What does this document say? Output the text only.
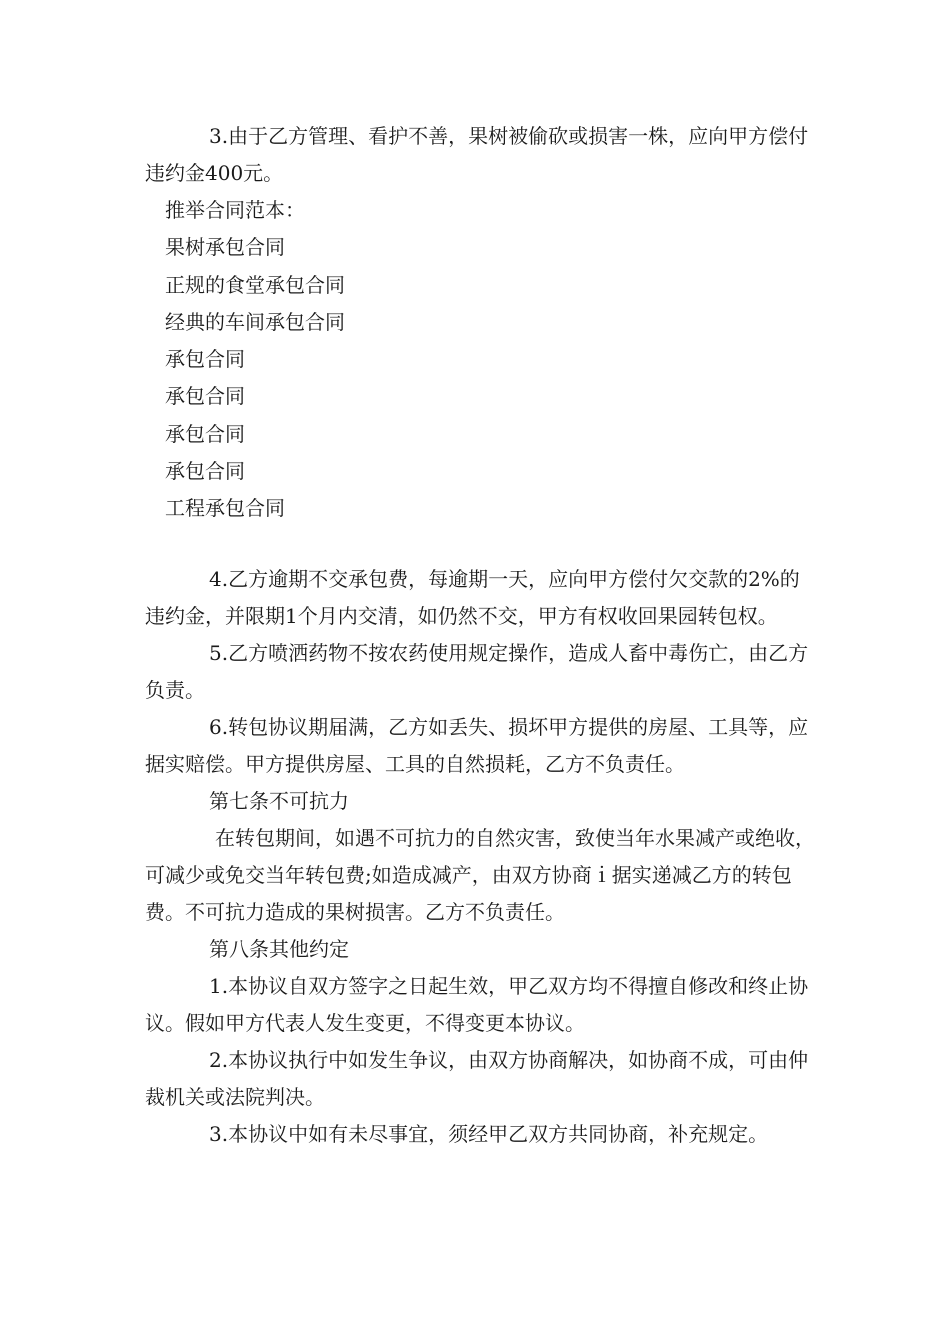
3.由于乙方管理、看护不善，果树被偷砍或损害一株，应向甲方偿付违约金400元。

推举合同范本：

果树承包合同

正规的食堂承包合同

经典的车间承包合同

承包合同

承包合同

承包合同

承包合同

工程承包合同

4.乙方逾期不交承包费，每逾期一天，应向甲方偿付欠交款的2%的违约金，并限期1个月内交清，如仍然不交，甲方有权收回果园转包权。

5.乙方喷洒药物不按农药使用规定操作，造成人畜中毒伤亡，由乙方负责。

6.转包协议期届满，乙方如丢失、损坏甲方提供的房屋、工具等，应据实赔偿。甲方提供房屋、工具的自然损耗，乙方不负责任。

第七条不可抗力

在转包期间，如遇不可抗力的自然灾害，致使当年水果减产或绝收，可减少或免交当年转包费;如造成减产，由双方协商ｉ据实递减乙方的转包费。不可抗力造成的果树损害。乙方不负责任。

第八条其他约定

1.本协议自双方签字之日起生效，甲乙双方均不得擅自修改和终止协议。假如甲方代表人发生变更，不得变更本协议。

2.本协议执行中如发生争议，由双方协商解决，如协商不成，可由仲裁机关或法院判决。

3.本协议中如有未尽事宜，须经甲乙双方共同协商，补充规定。
